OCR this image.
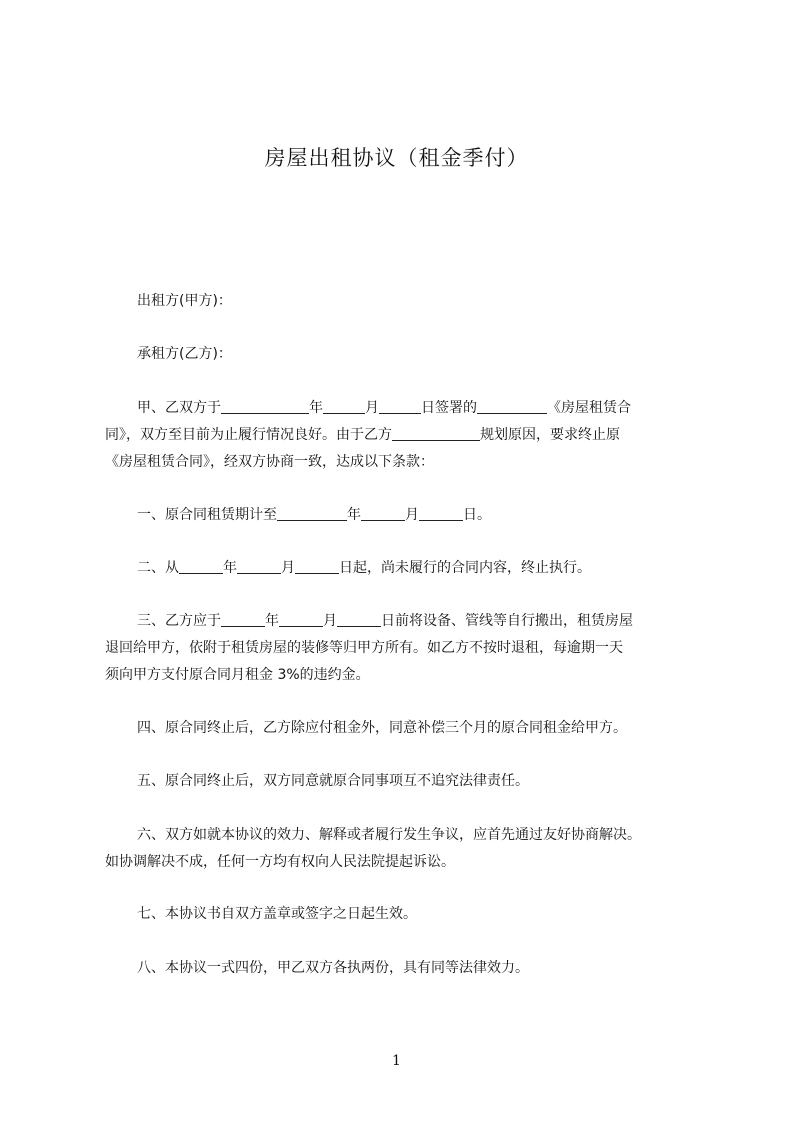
房屋出租协议（租金季付）

出租方(甲方)：

承租方(乙方)：

甲、乙双方于	年	月	日签署的	《房屋租赁合
同》，双方至目前为止履行情况良好。由于乙方	规划原因，要求终止原
《房屋租赁合同》，经双方协商一致，达成以下条款：

一、原合同租赁期计至	年	月	日。

二、从	年	月	日起，尚未履行的合同内容，终止执行。

三、乙方应于	年	月	日前将设备、管线等自行搬出，租赁房屋
退回给甲方，依附于租赁房屋的装修等归甲方所有。如乙方不按时退租，每逾期一天
须向甲方支付原合同月租金 3%的违约金。

四、原合同终止后，乙方除应付租金外，同意补偿三个月的原合同租金给甲方。

五、原合同终止后，双方同意就原合同事项互不追究法律责任。

六、双方如就本协议的效力、解释或者履行发生争议，应首先通过友好协商解决。
如协调解决不成，任何一方均有权向人民法院提起诉讼。

七、本协议书自双方盖章或签字之日起生效。

八、本协议一式四份，甲乙双方各执两份，具有同等法律效力。

1
